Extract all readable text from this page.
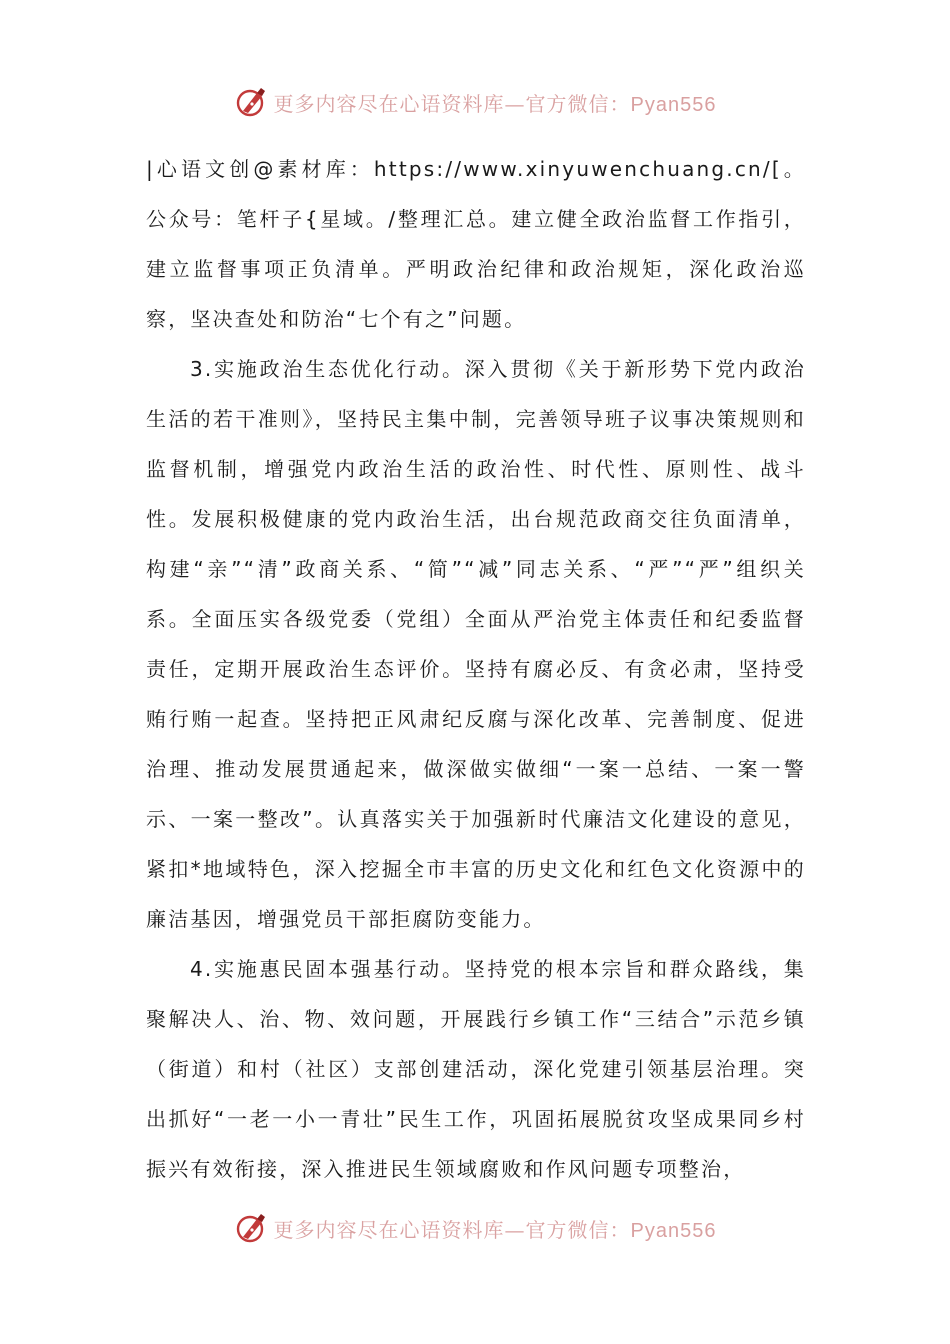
更多内容尽在心语资料库—官方微信：Pyan556

|心语文创@素材库：https://www.xinyuwenchuang.cn/[。公众号：笔杆子{星域。/整理汇总。建立健全政治监督工作指引，建立监督事项正负清单。严明政治纪律和政治规矩，深化政治巡察，坚决查处和防治“七个有之”问题。

3.实施政治生态优化行动。深入贯彻《关于新形势下党内政治生活的若干准则》，坚持民主集中制，完善领导班子议事决策规则和监督机制，增强党内政治生活的政治性、时代性、原则性、战斗性。发展积极健康的党内政治生活，出台规范政商交往负面清单，构建“亲”“清”政商关系、“简”“减”同志关系、“严”“严”组织关系。全面压实各级党委（党组）全面从严治党主体责任和纪委监督责任，定期开展政治生态评价。坚持有腐必反、有贪必肃，坚持受贿行贿一起查。坚持把正风肃纪反腐与深化改革、完善制度、促进治理、推动发展贯通起来，做深做实做细“一案一总结、一案一警示、一案一整改”。认真落实关于加强新时代廉洁文化建设的意见，紧扣*地域特色，深入挖掘全市丰富的历史文化和红色文化资源中的廉洁基因，增强党员干部拒腐防变能力。

4.实施惠民固本强基行动。坚持党的根本宗旨和群众路线，集聚解决人、治、物、效问题，开展践行乡镇工作“三结合”示范乡镇（街道）和村（社区）支部创建活动，深化党建引领基层治理。突出抓好“一老一小一青壮”民生工作，巩固拓展脱贫攻坚成果同乡村振兴有效衔接，深入推进民生领域腐败和作风问题专项整治，

更多内容尽在心语资料库—官方微信：Pyan556
